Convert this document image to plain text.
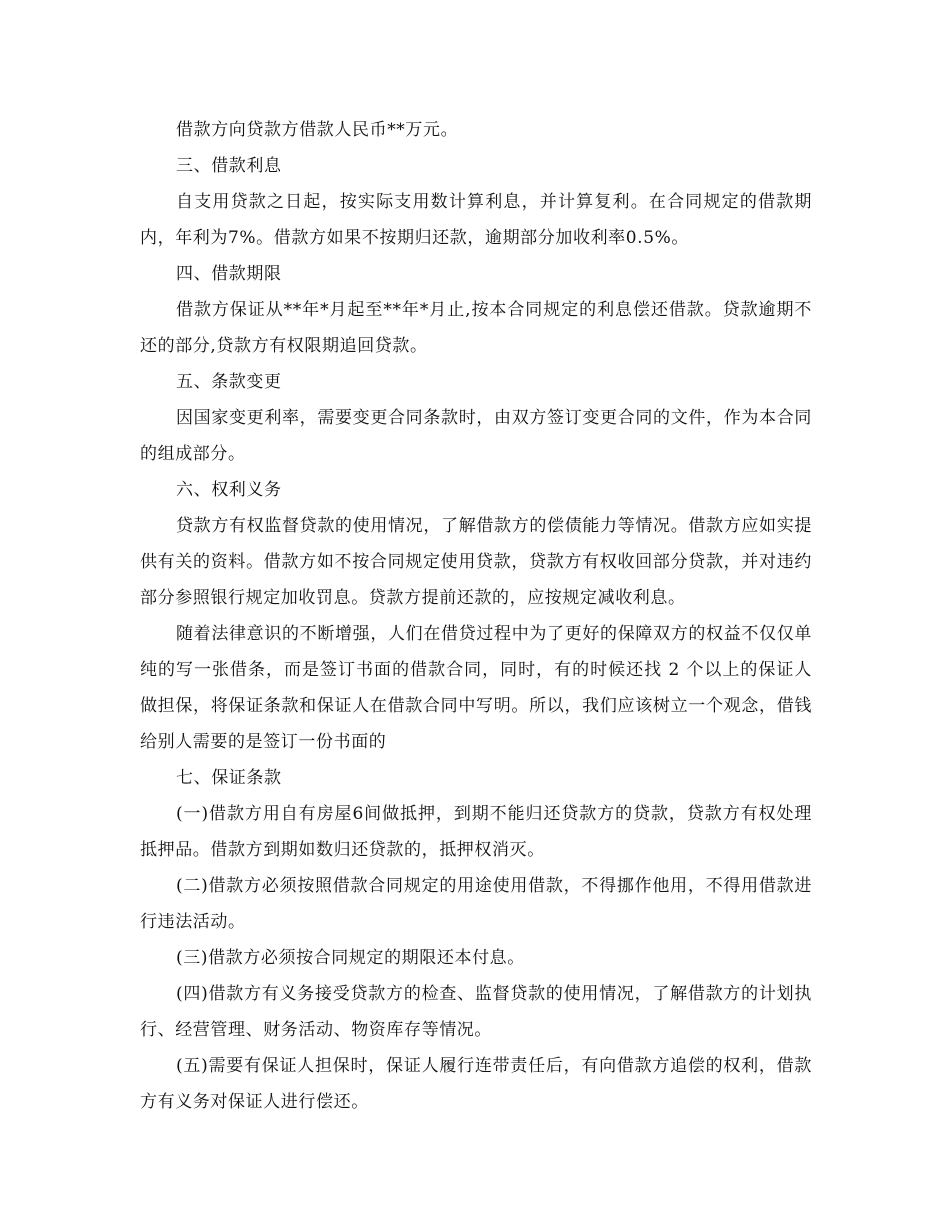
借款方向贷款方借款人民币**万元。

三、借款利息

自支用贷款之日起，按实际支用数计算利息，并计算复利。在合同规定的借款期内，年利为7%。借款方如果不按期归还款，逾期部分加收利率0.5%。

四、借款期限

借款方保证从**年*月起至**年*月止,按本合同规定的利息偿还借款。贷款逾期不还的部分,贷款方有权限期追回贷款。

五、条款变更

因国家变更利率，需要变更合同条款时，由双方签订变更合同的文件，作为本合同的组成部分。

六、权利义务

贷款方有权监督贷款的使用情况，了解借款方的偿债能力等情况。借款方应如实提供有关的资料。借款方如不按合同规定使用贷款，贷款方有权收回部分贷款，并对违约部分参照银行规定加收罚息。贷款方提前还款的，应按规定减收利息。

随着法律意识的不断增强，人们在借贷过程中为了更好的保障双方的权益不仅仅单纯的写一张借条，而是签订书面的借款合同，同时，有的时候还找 2 个以上的保证人做担保，将保证条款和保证人在借款合同中写明。所以，我们应该树立一个观念，借钱给别人需要的是签订一份书面的

七、保证条款

(一)借款方用自有房屋6间做抵押，到期不能归还贷款方的贷款，贷款方有权处理抵押品。借款方到期如数归还贷款的，抵押权消灭。

(二)借款方必须按照借款合同规定的用途使用借款，不得挪作他用，不得用借款进行违法活动。

(三)借款方必须按合同规定的期限还本付息。

(四)借款方有义务接受贷款方的检查、监督贷款的使用情况，了解借款方的计划执行、经营管理、财务活动、物资库存等情况。

(五)需要有保证人担保时，保证人履行连带责任后，有向借款方追偿的权利，借款方有义务对保证人进行偿还。
